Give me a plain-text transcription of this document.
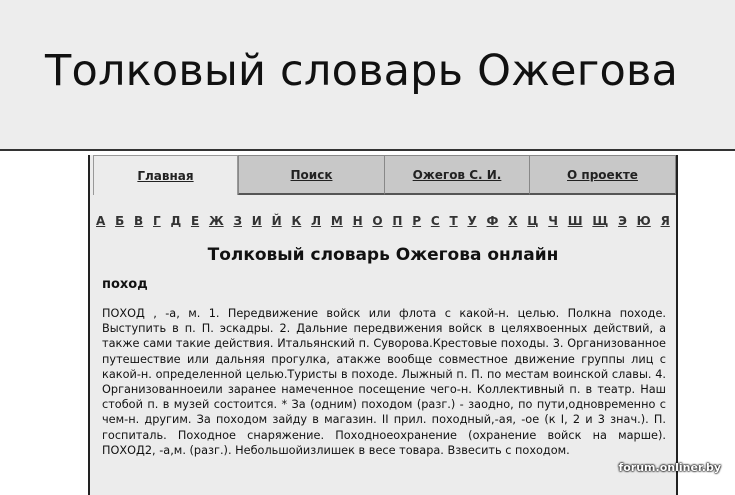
Толковый словарь Ожегова
Главная	Поиск	Ожегов С. И.	О проекте
А Б В Г Д Е Ж З И Й К Л М Н О П Р С Т У Ф Х Ц Ч Ш Щ Э Ю Я
Толковый словарь Ожегова онлайн
поход

ПОХОД , -а, м. 1. Передвижение войск или флота с какой-н. целью. Полкна походе. Выступить в п. П. эскадры. 2. Дальние передвижения войск в целяхвоенных действий, а также сами такие действия. Итальянский п. Суворова.Крестовые походы. 3. Организованное путешествие или дальняя прогулка, атакже вообще совместное движение группы лиц с какой-н. определенной целью.Туристы в походе. Лыжный п. П. по местам воинской славы. 4. Организованноеили заранее намеченное посещение чего-н. Коллективный п. в театр. Наш стобой п. в музей состоится. * За (одним) походом (разг.) - заодно, по пути,одновременно с чем-н. другим. За походом зайду в магазин. II прил. походный,-ая, -ое (к I, 2 и 3 знач.). П. госпиталь. Походное снаряжение. Походноеохранение (охранение войск на марше). ПОХОД2, -а,м. (разг.). Небольшойизлишек в весе товара. Взвесить с походом.

forum.onliner.by
